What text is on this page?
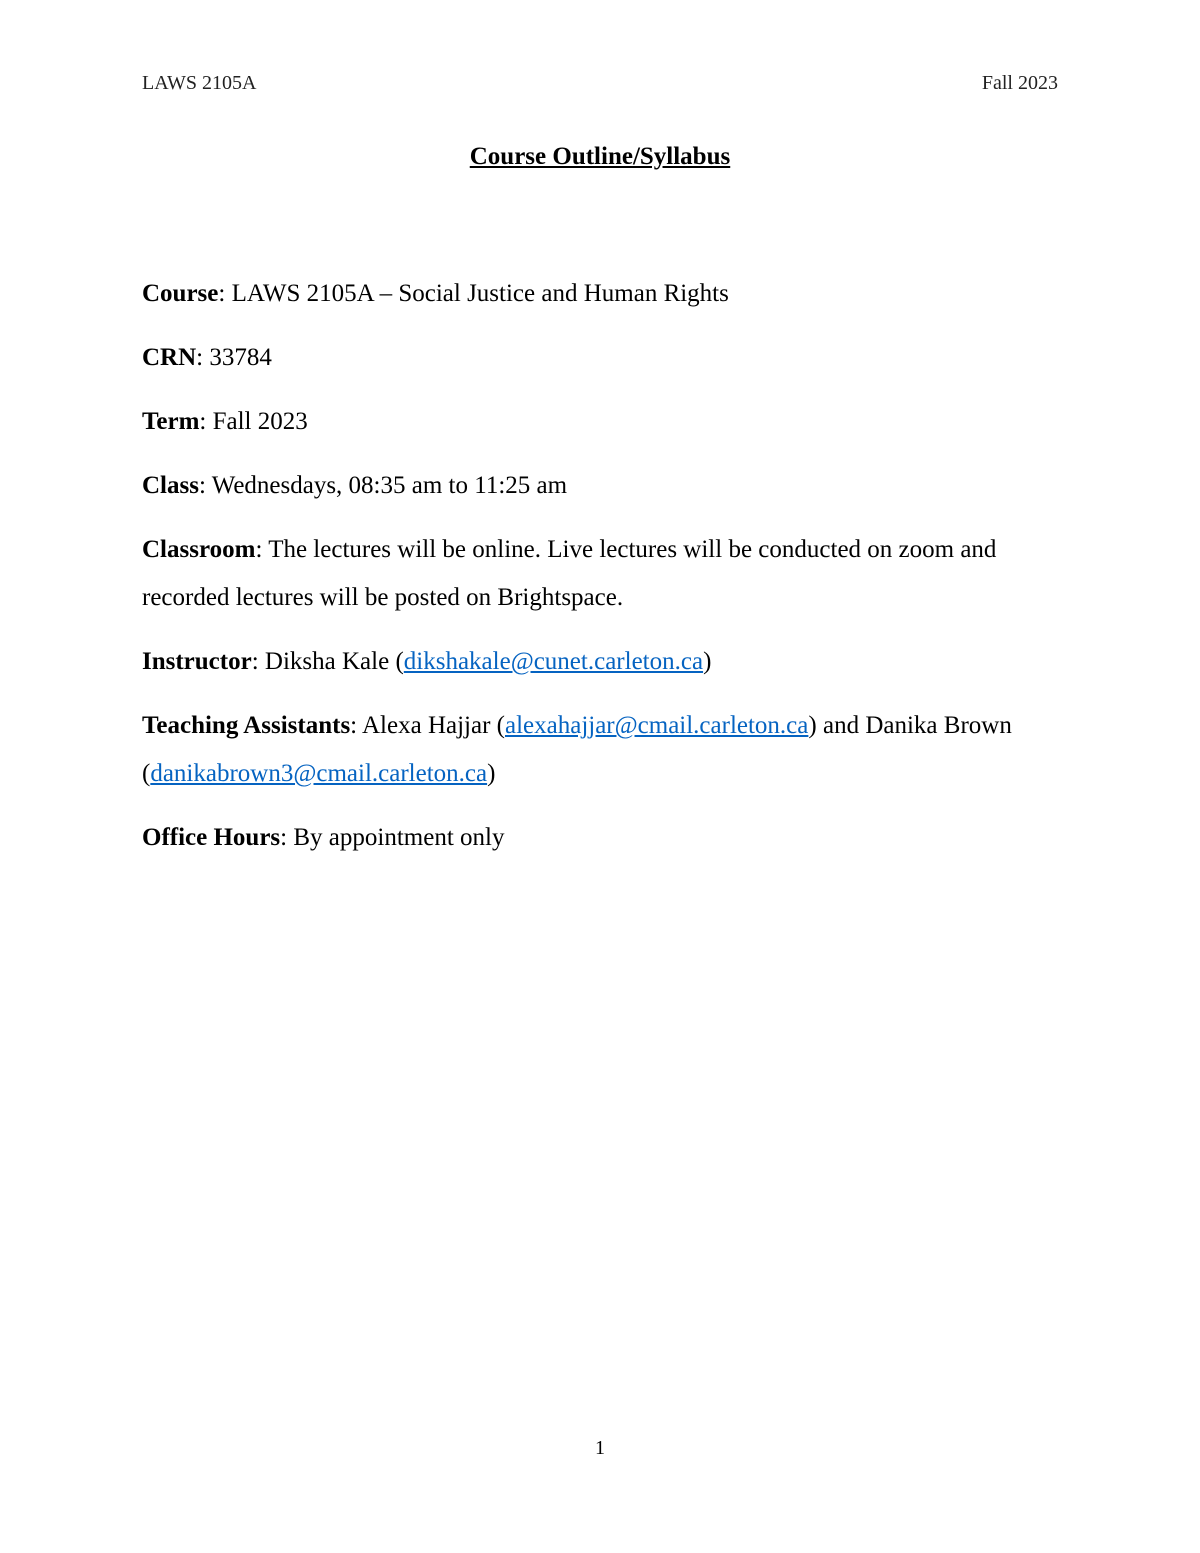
LAWS 2105A	Fall 2023
Course Outline/Syllabus

Course: LAWS 2105A – Social Justice and Human Rights

CRN: 33784

Term: Fall 2023

Class: Wednesdays, 08:35 am to 11:25 am

Classroom: The lectures will be online. Live lectures will be conducted on zoom and recorded lectures will be posted on Brightspace.

Instructor: Diksha Kale (dikshakale@cunet.carleton.ca)

Teaching Assistants: Alexa Hajjar (alexahajjar@cmail.carleton.ca) and Danika Brown (danikabrown3@cmail.carleton.ca)

Office Hours: By appointment only

1
